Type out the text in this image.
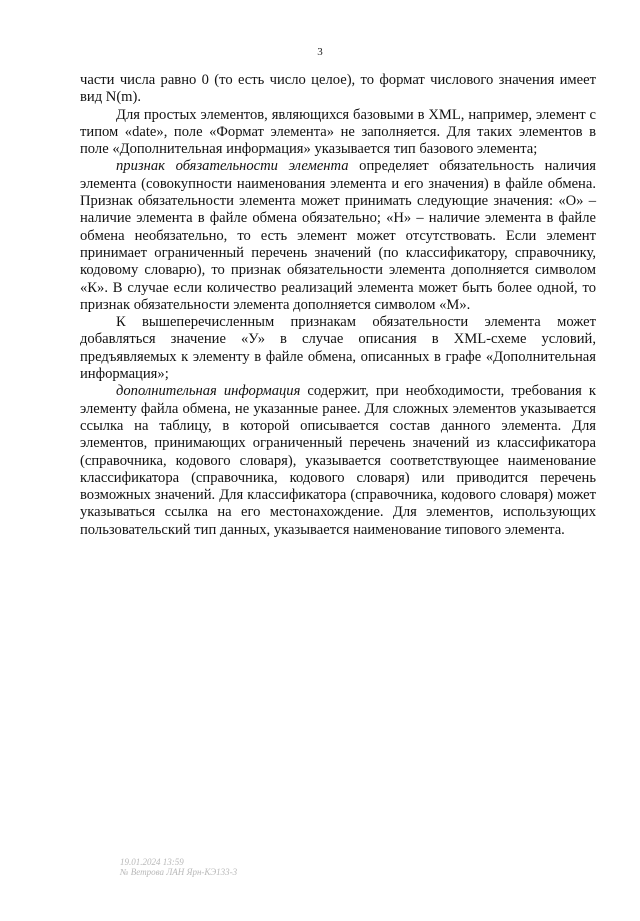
3

части числа равно 0 (то есть число целое), то формат числового значения имеет вид N(m).

Для простых элементов, являющихся базовыми в XML, например, элемент с типом «date», поле «Формат элемента» не заполняется. Для таких элементов в поле «Дополнительная информация» указывается тип базового элемента;

признак обязательности элемента определяет обязательность наличия элемента (совокупности наименования элемента и его значения) в файле обмена. Признак обязательности элемента может принимать следующие значения: «О» – наличие элемента в файле обмена обязательно; «Н» – наличие элемента в файле обмена необязательно, то есть элемент может отсутствовать. Если элемент принимает ограниченный перечень значений (по классификатору, справочнику, кодовому словарю), то признак обязательности элемента дополняется символом «К». В случае если количество реализаций элемента может быть более одной, то признак обязательности элемента дополняется символом «М».

К вышеперечисленным признакам обязательности элемента может добавляться значение «У» в случае описания в XML-схеме условий, предъявляемых к элементу в файле обмена, описанных в графе «Дополнительная информация»;

дополнительная информация содержит, при необходимости, требования к элементу файла обмена, не указанные ранее. Для сложных элементов указывается ссылка на таблицу, в которой описывается состав данного элемента. Для элементов, принимающих ограниченный перечень значений из классификатора (справочника, кодового словаря), указывается соответствующее наименование классификатора (справочника, кодового словаря) или приводится перечень возможных значений. Для классификатора (справочника, кодового словаря) может указываться ссылка на его местонахождение. Для элементов, использующих пользовательский тип данных, указывается наименование типового элемента.

19.01.2024 13:59
№ Ветрова ЛАН Ярн-КЭ133-3
